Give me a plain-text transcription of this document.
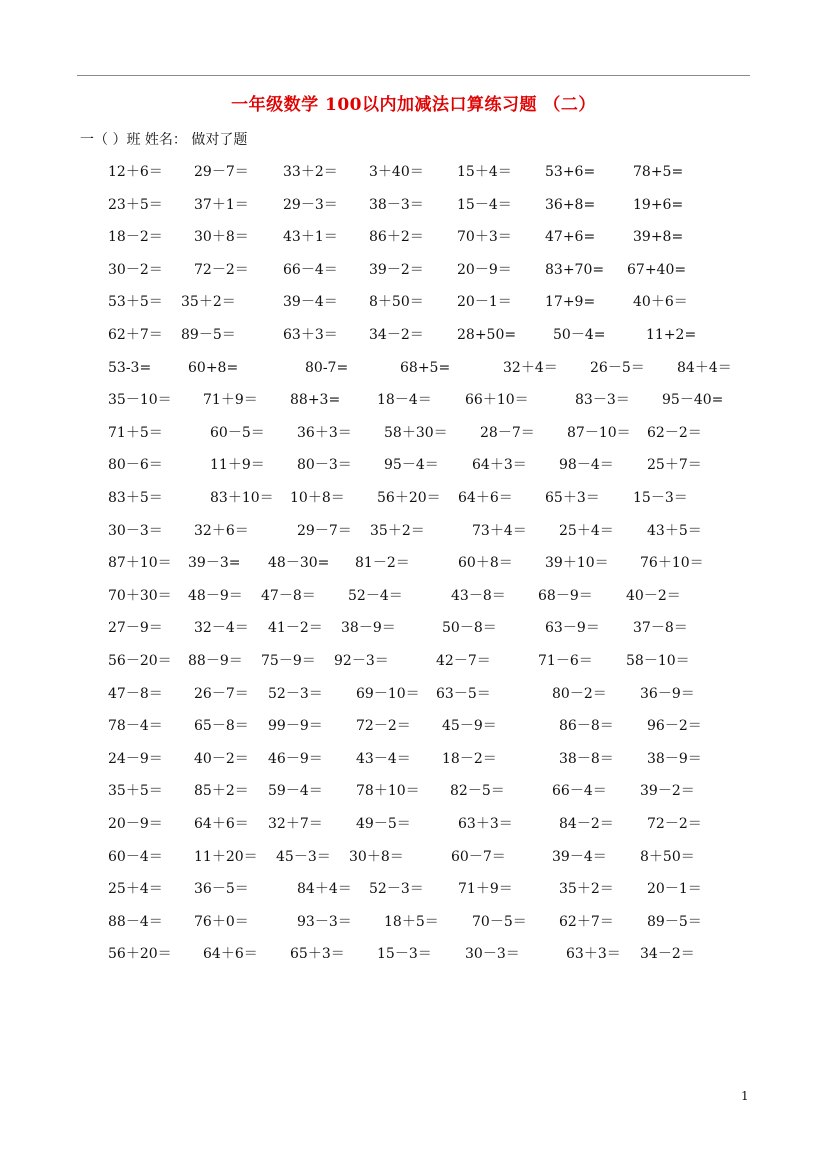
一年级数学 100以内加减法口算练习题 （二）
一（ ）班 姓名： 做对了题
12＋6＝ 29－7＝ 33＋2＝ 3＋40＝ 15＋4＝ 53+6=	78+5=
23＋5＝ 37＋1＝ 29－3＝ 38－3＝ 15－4＝ 36+8=	19+6=
18－2＝ 30＋8＝ 43＋1＝ 86＋2＝ 70＋3＝ 47+6=	39+8=
30－2＝ 72－2＝ 66－4＝ 39－2＝ 20－9＝ 83+70= 67+40=
53＋5＝ 35＋2＝	39－4＝ 8＋50＝ 20－1＝ 17+9=	40＋6＝
62＋7＝ 89－5＝	63＋3＝ 34－2＝ 28+50=	50－4=	11+2=
53-3=	60+8=	80-7=	68+5=	32＋4＝ 26－5＝ 84＋4＝
35－10＝ 71＋9＝ 88+3=	18－4＝ 66＋10＝	83－3＝ 95－40=
71＋5＝	60－5＝ 36＋3＝ 58＋30＝ 28－7＝ 87－10＝ 62－2＝
80－6＝	11＋9＝ 80－3＝ 95－4＝ 64＋3＝ 98－4＝ 25＋7＝
83＋5＝	83＋10＝ 10＋8＝ 56＋20＝ 64＋6＝ 65＋3＝ 15－3＝
30－3＝ 32＋6＝	29－7＝ 35＋2＝	73＋4＝ 25＋4＝ 43＋5＝
87＋10＝ 39－3= 48－30= 81－2＝	60＋8＝ 39＋10＝ 76＋10＝
70＋30＝ 48－9＝ 47－8＝ 52－4＝	43－8＝ 68－9＝ 40－2＝
27－9＝ 32－4＝ 41－2＝ 38－9＝	50－8＝	63－9＝ 37－8＝
56－20＝ 88－9＝ 75－9＝ 92－3＝	42－7＝	71－6＝ 58－10＝
47－8＝ 26－7＝ 52－3＝ 69－10＝ 63－5＝	80－2＝ 36－9＝
78－4＝ 65－8＝ 99－9＝ 72－2＝ 45－9＝	86－8＝ 96－2＝
24－9＝ 40－2＝ 46－9＝ 43－4＝ 18－2＝	38－8＝ 38－9＝
35＋5＝ 85＋2＝ 59－4＝ 78＋10＝ 82－5＝	66－4＝ 39－2＝
20－9＝ 64＋6＝ 32＋7＝ 49－5＝	63＋3＝	84－2＝ 72－2＝
60－4＝ 11＋20＝ 45－3＝ 30＋8＝	60－7＝	39－4＝ 8＋50＝
25＋4＝ 36－5＝	84＋4＝ 52－3＝ 71＋9＝	35＋2＝ 20－1＝
88－4＝ 76＋0＝	93－3＝ 18＋5＝ 70－5＝ 62＋7＝ 89－5＝
56＋20＝ 64＋6＝ 65＋3＝ 15－3＝ 30－3＝	63＋3＝ 34－2＝
1
